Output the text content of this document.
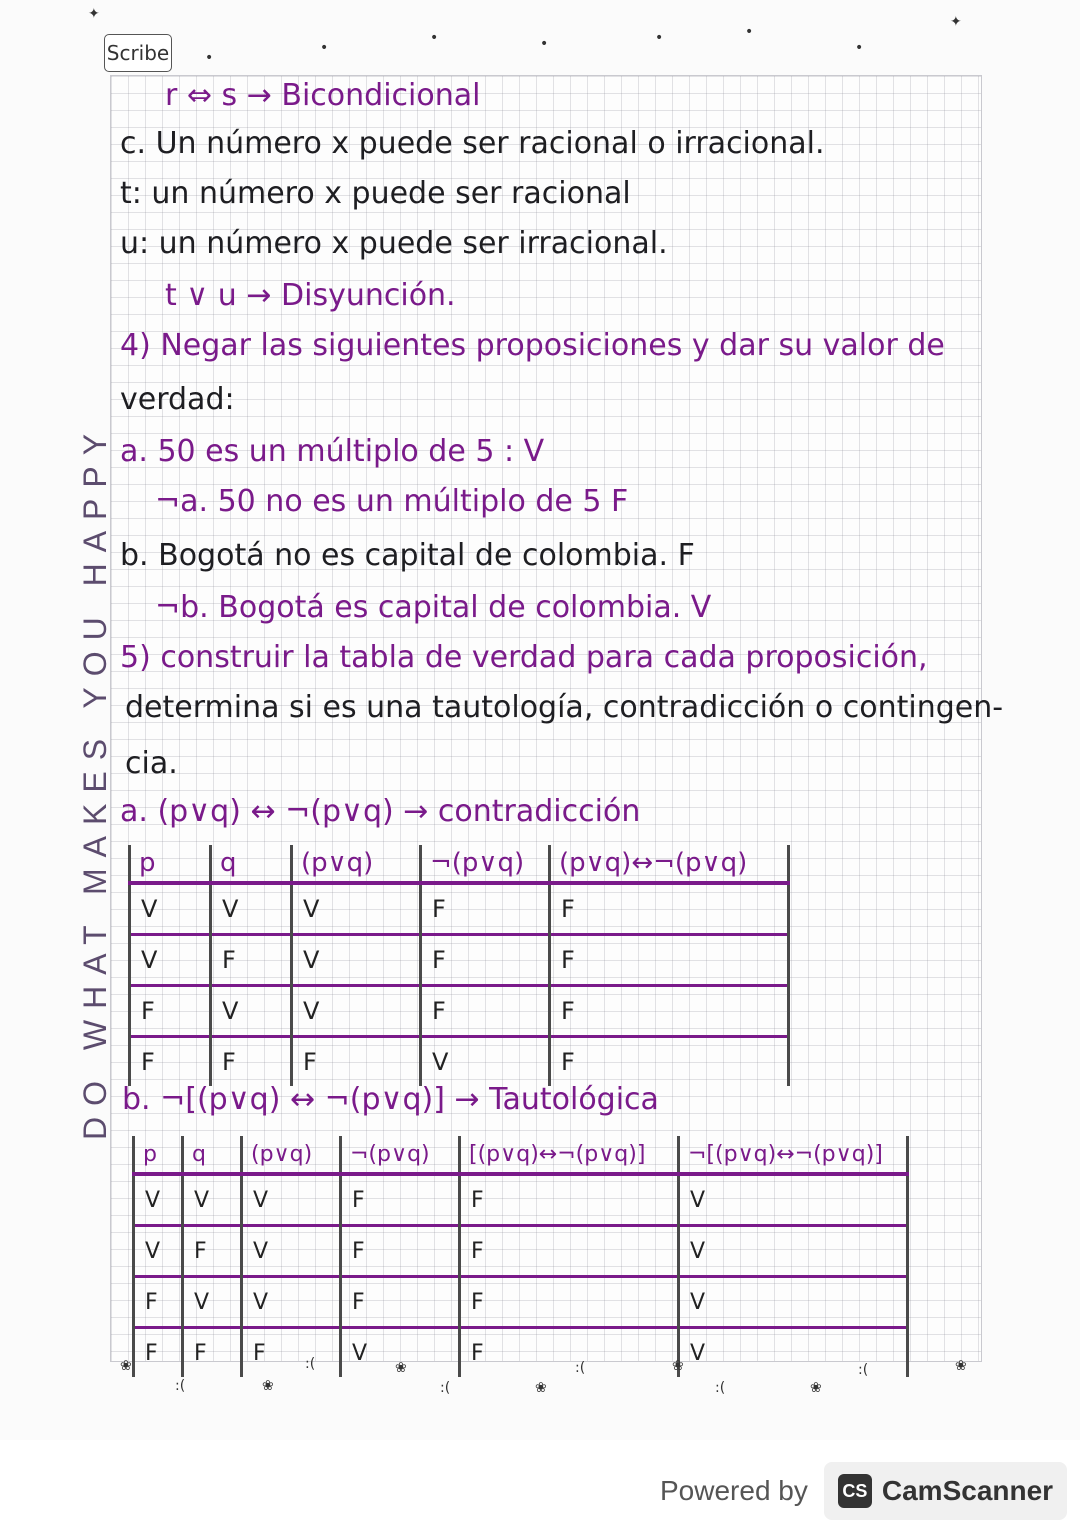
Scribe
DO WHAT MAKES YOU HAPPY
✦
•
•
•	•	•	•
•
✦
r ⇔ s → Bicondicional
c. Un número x puede ser racional o irracional.
t: un número x puede ser racional
u: un número x puede ser irracional.
t ∨ u → Disyunción.
4) Negar las siguientes proposiciones y dar su valor de
verdad:
a. 50 es un múltiplo de 5 : V
¬a. 50 no es un múltiplo de 5 F
b. Bogotá no es capital de colombia. F
¬b. Bogotá es capital de colombia. V
5) construir la tabla de verdad para cada proposición,
determina si es una tautología, contradicción o contingen-
cia.
a. (p∨q) ↔ ¬(p∨q) → contradicción
p	q	(p∨q)	¬(p∨q)	(p∨q)↔¬(p∨q)
V	V	V	F	F
V	F	V	F	F
F	V	V	F	F
F	F	F	V	F
b. ¬[(p∨q) ↔ ¬(p∨q)] → Tautológica
p	q	(p∨q)	¬(p∨q)	[(p∨q)↔¬(p∨q)]	¬[(p∨q)↔¬(p∨q)]
V	V	V	F	F	V
V	F	V	F	F	V
F	V	V	F	F	V
F	F	F	V	F	V
❀
:(	❀
:(	❀
:(	❀
:(	❀
:(	❀
:(	❀
Powered by CS CamScanner
